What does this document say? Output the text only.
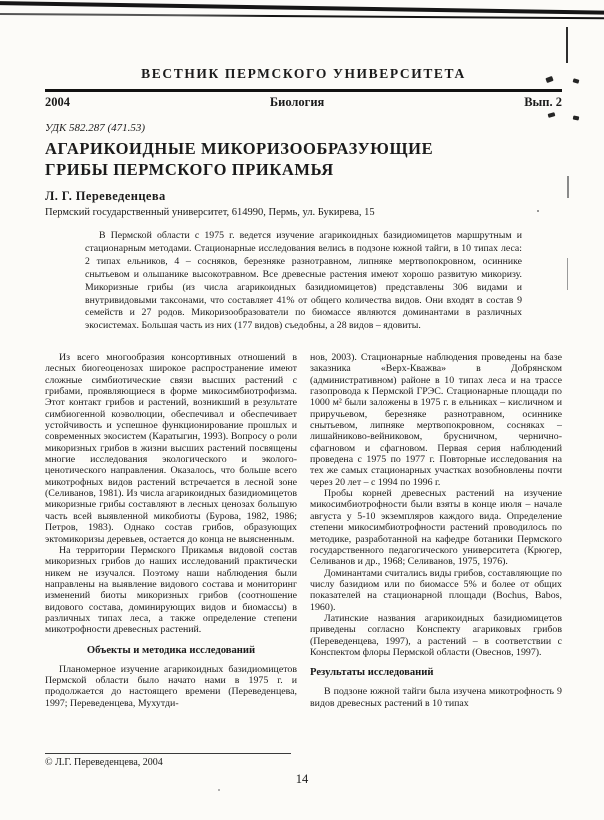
ВЕСТНИК ПЕРМСКОГО УНИВЕРСИТЕТА
2004	Биология	Вып. 2
УДК 582.287 (471.53)
АГАРИКОИДНЫЕ МИКОРИЗООБРАЗУЮЩИЕ
ГРИБЫ ПЕРМСКОГО ПРИКАМЬЯ
Л. Г. Переведенцева
Пермский государственный университет, 614990, Пермь, ул. Букирева, 15
В Пермской области с 1975 г. ведется изучение агарикоидных базидиомицетов маршрутным и стационарным методами. Стационарные исследования велись в подзоне южной тайги, в 10 типах леса: 2 типах ельников, 4 – сосняков, березняке разнотравном, липняке мертвопокровном, осиннике снытьевом и ольшанике высокотравном. Все древесные растения имеют хорошо развитую микоризу. Микоризные грибы (из числа агарикоидных базидиомицетов) представлены 306 видами и внутривидовыми таксонами, что составляет 41% от общего количества видов. Они входят в состав 9 семейств и 27 родов. Микоризообразователи по биомассе являются доминантами в различных экосистемах. Большая часть из них (177 видов) съедобны, а 28 видов – ядовиты.

Из всего многообразия консортивных отношений в лесных биогеоценозах широкое распространение имеют сложные симбиотические связи высших растений с грибами, проявляющиеся в форме микосимбиотрофизма. Этот контакт грибов и растений, возникший в результате симбиогенной коэволюции, обеспечивал и обеспечивает устойчивость и успешное функционирование прошлых и современных экосистем (Каратыгин, 1993). Вопросу о роли микоризных грибов в жизни высших растений посвящены многие исследования экологического и эколого-ценотического направления. Оказалось, что больше всего микотрофных видов растений встречается в лесной зоне (Селиванов, 1981). Из числа агарикоидных базидиомицетов микоризные грибы составляют в лесных ценозах большую часть всей выявленной микобиоты (Бурова, 1982, 1986; Петров, 1983). Однако состав грибов, образующих эктомикоризы деревьев, остается до конца не выясненным.

На территории Пермского Прикамья видовой состав микоризных грибов до наших исследований практически никем не изучался. Поэтому наши наблюдения были направлены на выявление видового состава и мониторинг изменений биоты микоризных грибов (соотношение видового состава, доминирующих видов и биомассы) в различных типах леса, а также определение степени микотрофности древесных растений.

Объекты и методика исследований

Планомерное изучение агарикоидных базидиомицетов Пермской области было начато нами в 1975 г. и продолжается до настоящего времени (Переведенцева, 1997; Переведенцева, Мухутди-

нов, 2003). Стационарные наблюдения проведены на базе заказника «Верх-Кважва» в Добрянском (административном) районе в 10 типах леса и на трассе газопровода к Пермской ГРЭС. Стационарные площади по 1000 м² были заложены в 1975 г. в ельниках – кисличном и приручьевом, березняке разнотравном, осиннике снытьевом, липняке мертвопокровном, сосняках – лишайниково-вейниковом, брусничном, чернично-сфагновом и сфагновом. Первая серия наблюдений проведена с 1975 по 1977 г. Повторные исследования на тех же самых стационарных участках возобновлены почти через 20 лет – с 1994 по 1996 г.

Пробы корней древесных растений на изучение микосимбиотрофности были взяты в конце июля – начале августа у 5-10 экземпляров каждого вида. Определение степени микосимбиотрофности растений проводилось по методике, разработанной на кафедре ботаники Пермского государственного педагогического университета (Крюгер, Селиванов и др., 1968; Селиванов, 1975, 1976).

Доминантами считались виды грибов, составляющие по числу базидиом или по биомассе 5% и более от общих показателей на стационарной площади (Bochus, Babos, 1960).

Латинские названия агарикоидных базидиомицетов приведены согласно Конспекту агариковых грибов (Переведенцева, 1997), а растений – в соответствии с Конспектом флоры Пермской области (Овеснов, 1997).

Результаты исследований

В подзоне южной тайги была изучена микотрофность 9 видов древесных растений в 10 типах

© Л.Г. Переведенцева, 2004
14
